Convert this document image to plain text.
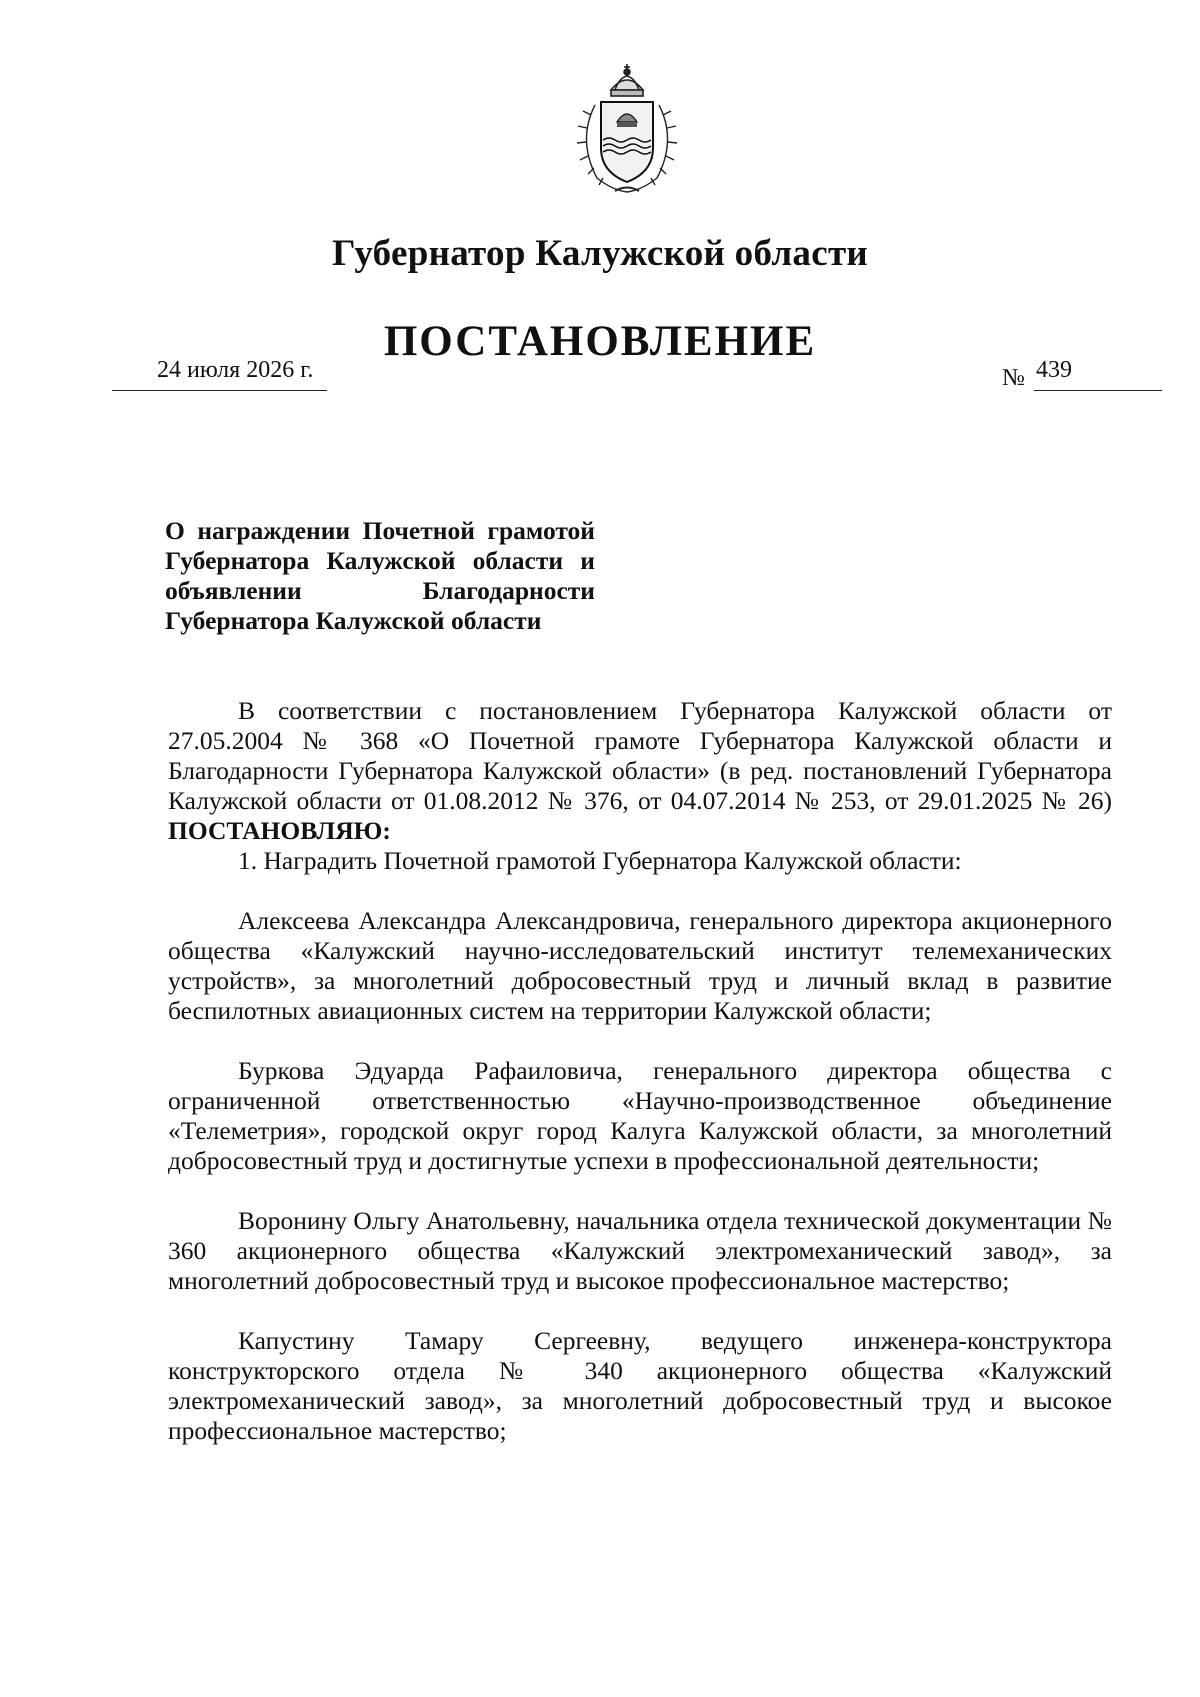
Губернатор Калужской области
ПОСТАНОВЛЕНИЕ
24 июля 2026 г.	№ 439
О награждении Почетной грамотой Губернатора Калужской области и объявлении Благодарности Губернатора Калужской области

В соответствии с постановлением Губернатора Калужской области от 27.05.2004 № 368 «О Почетной грамоте Губернатора Калужской области и Благодарности Губернатора Калужской области» (в ред. постановлений Губернатора Калужской области от 01.08.2012 № 376, от 04.07.2014 № 253, от 29.01.2025 № 26) ПОСТАНОВЛЯЮ:

1. Наградить Почетной грамотой Губернатора Калужской области:

Алексеева Александра Александровича, генерального директора акционерного общества «Калужский научно-исследовательский институт телемеханических устройств», за многолетний добросовестный труд и личный вклад в развитие беспилотных авиационных систем на территории Калужской области;

Буркова Эдуарда Рафаиловича, генерального директора общества с ограниченной ответственностью «Научно-производственное объединение «Телеметрия», городской округ город Калуга Калужской области, за многолетний добросовестный труд и достигнутые успехи в профессиональной деятельности;

Воронину Ольгу Анатольевну, начальника отдела технической документации № 360 акционерного общества «Калужский электромеханический завод», за многолетний добросовестный труд и высокое профессиональное мастерство;

Капустину Тамару Сергеевну, ведущего инженера-конструктора конструкторского отдела № 340 акционерного общества «Калужский электромеханический завод», за многолетний добросовестный труд и высокое профессиональное мастерство;
